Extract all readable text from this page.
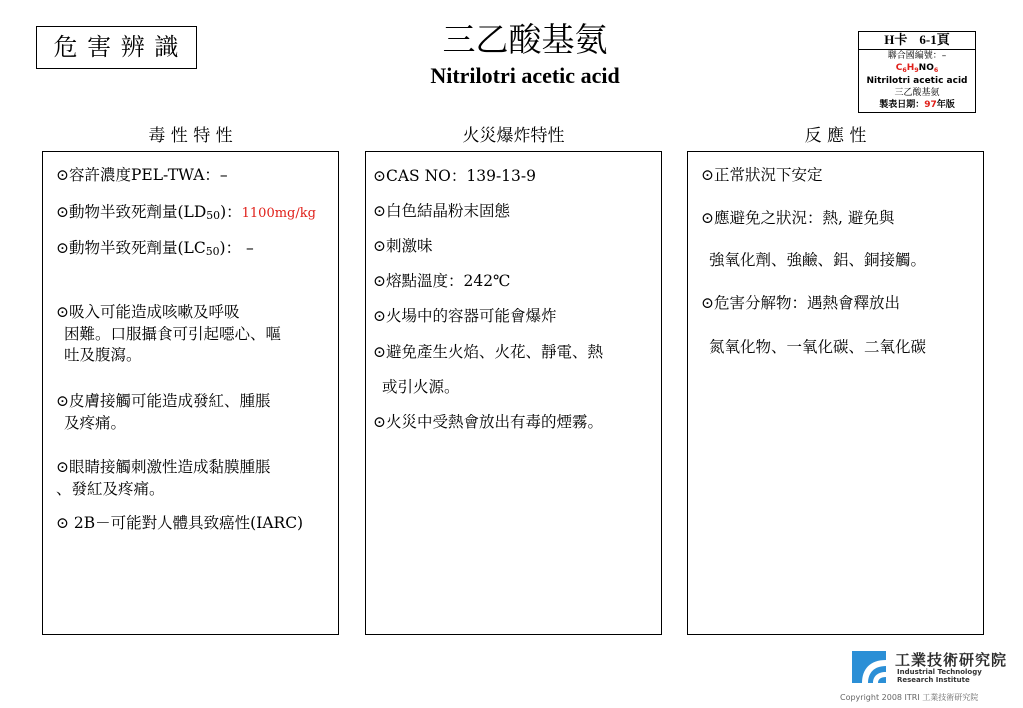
危 害 辨 識	三乙酸基氨
Nitrilotri acetic acid
H卡 6-1頁
聯合國編號：–
$C_6H_9NO_6$
Nitrilotri acetic acid
三乙酸基氨
製表日期：97年版
毒 性 特 性	火災爆炸特性	反 應 性
⊙容許濃度PEL-TWA：–
⊙動物半致死劑量$(LD_{50})$：1100mg/kg
⊙動物半致死劑量$(LC_{50})$： –
⊙吸入可能造成咳嗽及呼吸
困難。口服攝食可引起噁心、嘔
吐及腹瀉。
⊙皮膚接觸可能造成發紅、腫脹
及疼痛。
⊙眼睛接觸刺激性造成黏膜腫脹
、發紅及疼痛。
⊙ 2B－可能對人體具致癌性(IARC)
⊙CAS NO：139-13-9
⊙白色結晶粉末固態
⊙刺激味
⊙熔點溫度：242℃
⊙火場中的容器可能會爆炸
⊙避免產生火焰、火花、靜電、熱
或引火源。
⊙火災中受熱會放出有毒的煙霧。
⊙正常狀況下安定
⊙應避免之狀況：熱, 避免與
強氧化劑、強鹼、鋁、銅接觸。
⊙危害分解物：遇熱會釋放出
氮氧化物、一氧化碳、二氧化碳
工業技術研究院
Industrial Technology
Research Institute
Copyright 2008 ITRI 工業技術研究院
